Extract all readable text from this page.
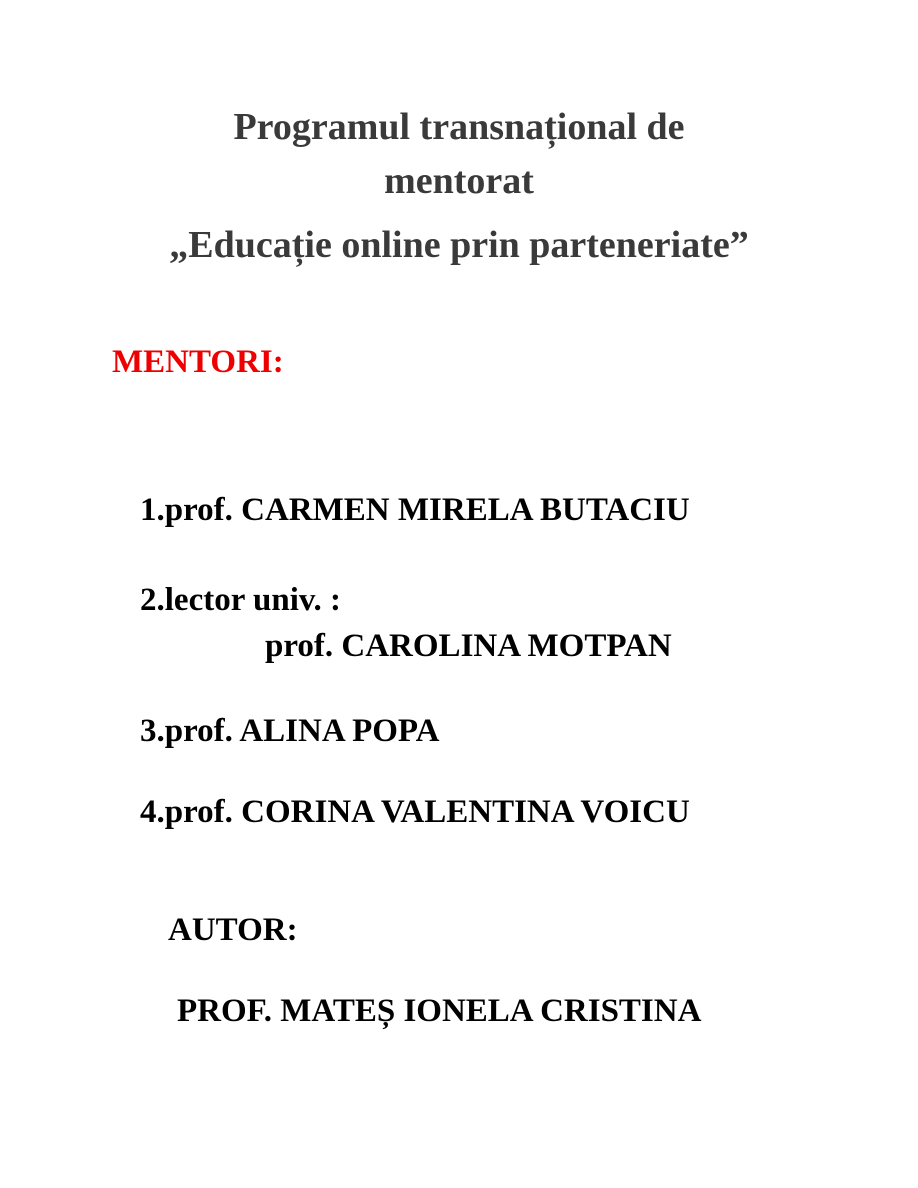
Programul transnațional de
mentorat
„Educație online prin parteneriate”
MENTORI:
1.prof. CARMEN MIRELA BUTACIU
2.lector univ. :
prof. CAROLINA MOTPAN
3.prof. ALINA POPA
4.prof. CORINA VALENTINA VOICU
AUTOR:
PROF. MATEȘ IONELA CRISTINA
